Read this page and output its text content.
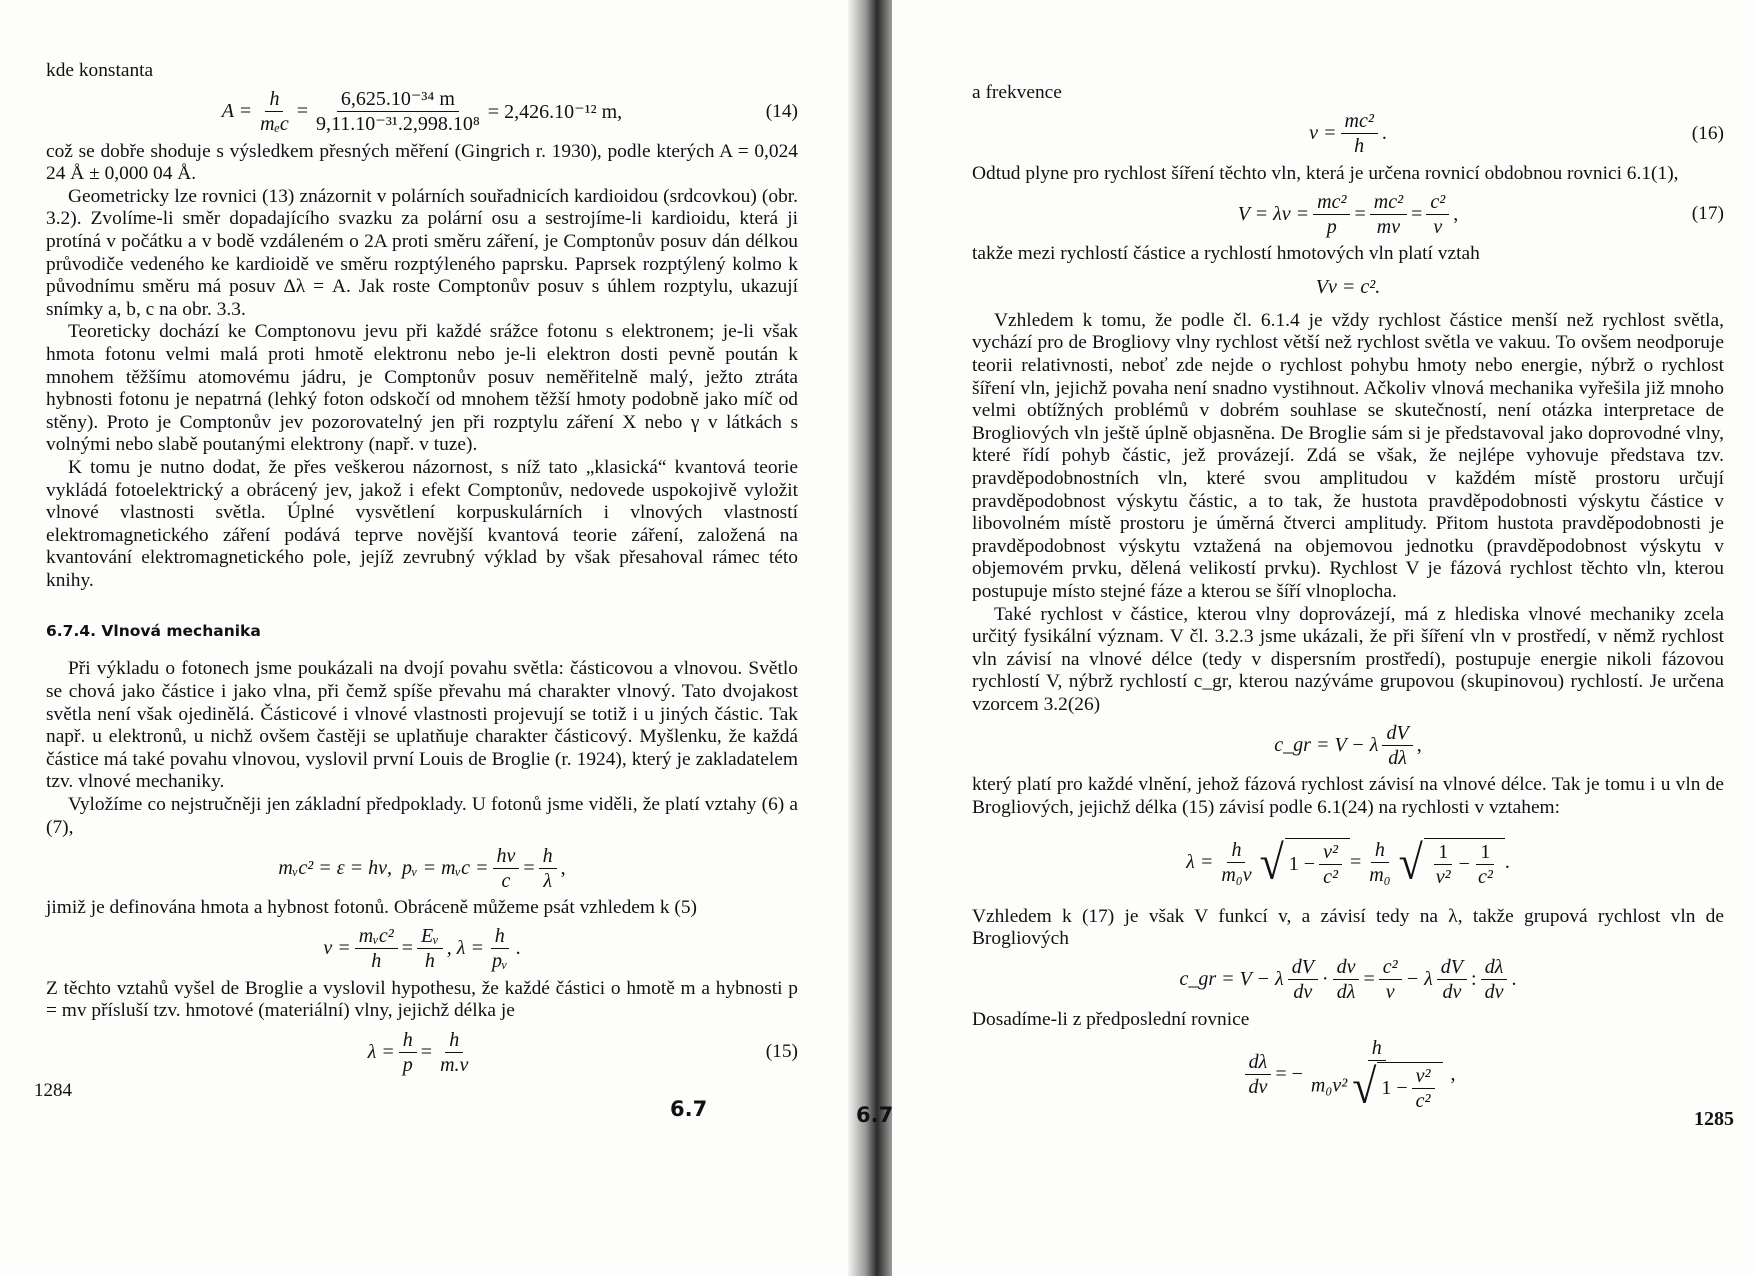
kde konstanta

$A = \frac{h}{\text{mₑc}} = \frac{\text{6,625.10⁻³⁴ m}}{\text{9,11.10⁻³¹.2,998.10⁸}} = 2,426.10^{-12}$ m,	(14)

což se dobře shoduje s výsledkem přesných měření (Gingrich r. 1930), podle kterých A = 0,024 24 Å ± 0,000 04 Å.

Geometricky lze rovnici (13) znázornit v polárních souřadnicích kardioidou (srdcovkou) (obr. 3.2). Zvolíme-li směr dopadajícího svazku za polární osu a sestrojíme-li kardioidu, která ji protíná v počátku a v bodě vzdáleném o 2A proti směru záření, je Comptonův posuv dán délkou průvodiče vedeného ke kardioidě ve směru rozptýleného paprsku. Paprsek rozptýlený kolmo k původnímu směru má posuv Δλ = A. Jak roste Comptonův posuv s úhlem rozptylu, ukazují snímky a, b, c na obr. 3.3.

Teoreticky dochází ke Comptonovu jevu při každé srážce fotonu s elektronem; je-li však hmota fotonu velmi malá proti hmotě elektronu nebo je-li elektron dosti pevně poután k mnohem těžšímu atomovému jádru, je Comptonův posuv neměřitelně malý, ježto ztráta hybnosti fotonu je nepatrná (lehký foton odskočí od mnohem těžší hmoty podobně jako míč od stěny). Proto je Comptonův jev pozorovatelný jen při rozptylu záření X nebo γ v látkách s volnými nebo slabě poutanými elektrony (např. v tuze).

K tomu je nutno dodat, že přes veškerou názornost, s níž tato „klasická“ kvantová teorie vykládá fotoelektrický a obrácený jev, jakož i efekt Comptonův, nedovede uspokojivě vyložit vlnové vlastnosti světla. Úplné vysvětlení korpuskulárních i vlnových vlastností elektromagnetického záření podává teprve novější kvantová teorie záření, založená na kvantování elektromagnetického pole, jejíž zevrubný výklad by však přesahoval rámec této knihy.

6.7.4. Vlnová mechanika

Při výkladu o fotonech jsme poukázali na dvojí povahu světla: částicovou a vlnovou. Světlo se chová jako částice i jako vlna, při čemž spíše převahu má charakter vlnový. Tato dvojakost světla není však ojedinělá. Částicové i vlnové vlastnosti projevují se totiž i u jiných částic. Tak např. u elektronů, u nichž ovšem častěji se uplatňuje charakter částicový. Myšlenku, že každá částice má také povahu vlnovou, vyslovil první Louis de Broglie (r. 1924), který je zakladatelem tzv. vlnové mechaniky.

Vyložíme co nejstručněji jen základní předpoklady. U fotonů jsme viděli, že platí vztahy (6) a (7),

mᵥc² = ε = hν,
pᵥ = mᵥc = $\frac{h\nu}{c} = \frac{h}{\lambda}$ ,

jimiž je definována hmota a hybnost fotonů. Obráceně můžeme psát vzhledem k (5)

$\nu = \frac{\text{mᵥc²}}{h} = \frac{\text{Eᵥ}}{h}$ , $\lambda = \frac{h}{\text{pᵥ}}$ .

Z těchto vztahů vyšel de Broglie a vyslovil hypothesu, že každé částici o hmotě m a hybnosti p = mv přísluší tzv. hmotové (materiální) vlny, jejichž délka je

$\lambda = \frac{h}{p} = \frac{h}{m.v}$	(15)
1284
6.7

a frekvence

$\nu = \frac{\text{mc²}}{h}$ .	(16)

Odtud plyne pro rychlost šíření těchto vln, která je určena rovnicí obdobnou rovnici 6.1(1),

$V = \lambda\nu = \frac{\text{mc²}}{p} = \frac{\text{mc²}}{mv} = \frac{\text{c²}}{v}$ ,	(17)

takže mezi rychlostí částice a rychlostí hmotových vln platí vztah

Vv = c².

Vzhledem k tomu, že podle čl. 6.1.4 je vždy rychlost částice menší než rychlost světla, vychází pro de Brogliovy vlny rychlost větší než rychlost světla ve vakuu. To ovšem neodporuje teorii relativnosti, neboť zde nejde o rychlost pohybu hmoty nebo energie, nýbrž o rychlost šíření vln, jejichž povaha není snadno vystihnout. Ačkoliv vlnová mechanika vyřešila již mnoho velmi obtížných problémů v dobrém souhlase se skutečností, není otázka interpretace de Brogliových vln ještě úplně objasněna. De Broglie sám si je představoval jako doprovodné vlny, které řídí pohyb částic, jež provázejí. Zdá se však, že nejlépe vyhovuje představa tzv. pravděpodobnostních vln, které svou amplitudou v každém místě prostoru určují pravděpodobnost výskytu částic, a to tak, že hustota pravděpodobnosti výskytu částice v libovolném místě prostoru je úměrná čtverci amplitudy. Přitom hustota pravděpodobnosti je pravděpodobnost výskytu vztažená na objemovou jednotku (pravděpodobnost výskytu v objemovém prvku, dělená velikostí prvku). Rychlost V je fázová rychlost těchto vln, kterou postupuje místo stejné fáze a kterou se šíří vlnoplocha.

Také rychlost v částice, kterou vlny doprovázejí, má z hlediska vlnové mechaniky zcela určitý fysikální význam. V čl. 3.2.3 jsme ukázali, že při šíření vln v prostředí, v němž rychlost vln závisí na vlnové délce (tedy v dispersním prostředí), postupuje energie nikoli fázovou rychlostí V, nýbrž rychlostí c_gr, kterou nazýváme grupovou (skupinovou) rychlostí. Je určena vzorcem 3.2(26)

c_gr = V − λ $\frac{dV}{d\lambda}$ ,

který platí pro každé vlnění, jehož fázová rychlost závisí na vlnové délce. Tak je tomu i u vln de Brogliových, jejichž délka (15) závisí podle 6.1(24) na rychlosti v vztahem:

$\lambda = \frac{h}{\text{m₀v}}$ √ $1 - \frac{\text{v²}}{\text{c²}} = \frac{h}{\text{m₀}}$ √ $\frac{1}{\text{v²}} - \frac{1}{\text{c²}}$ .

Vzhledem k (17) je však V funkcí v, a závisí tedy na λ, takže grupová rychlost vln de Brogliových

c_gr = V − λ $\frac{dV}{dv} \cdot \frac{dv}{d\lambda} = \frac{\text{c²}}{v} - \lambda \frac{dV}{dv}$ : $\frac{d\lambda}{dv}$ .

Dosadíme-li z předposlední rovnice

$\frac{d\lambda}{dv}$ = − $\frac{h}{m_0v^2 √ 1 - \frac{\text{v²}}{\text{c²}}}$ ,
6.7	1285
